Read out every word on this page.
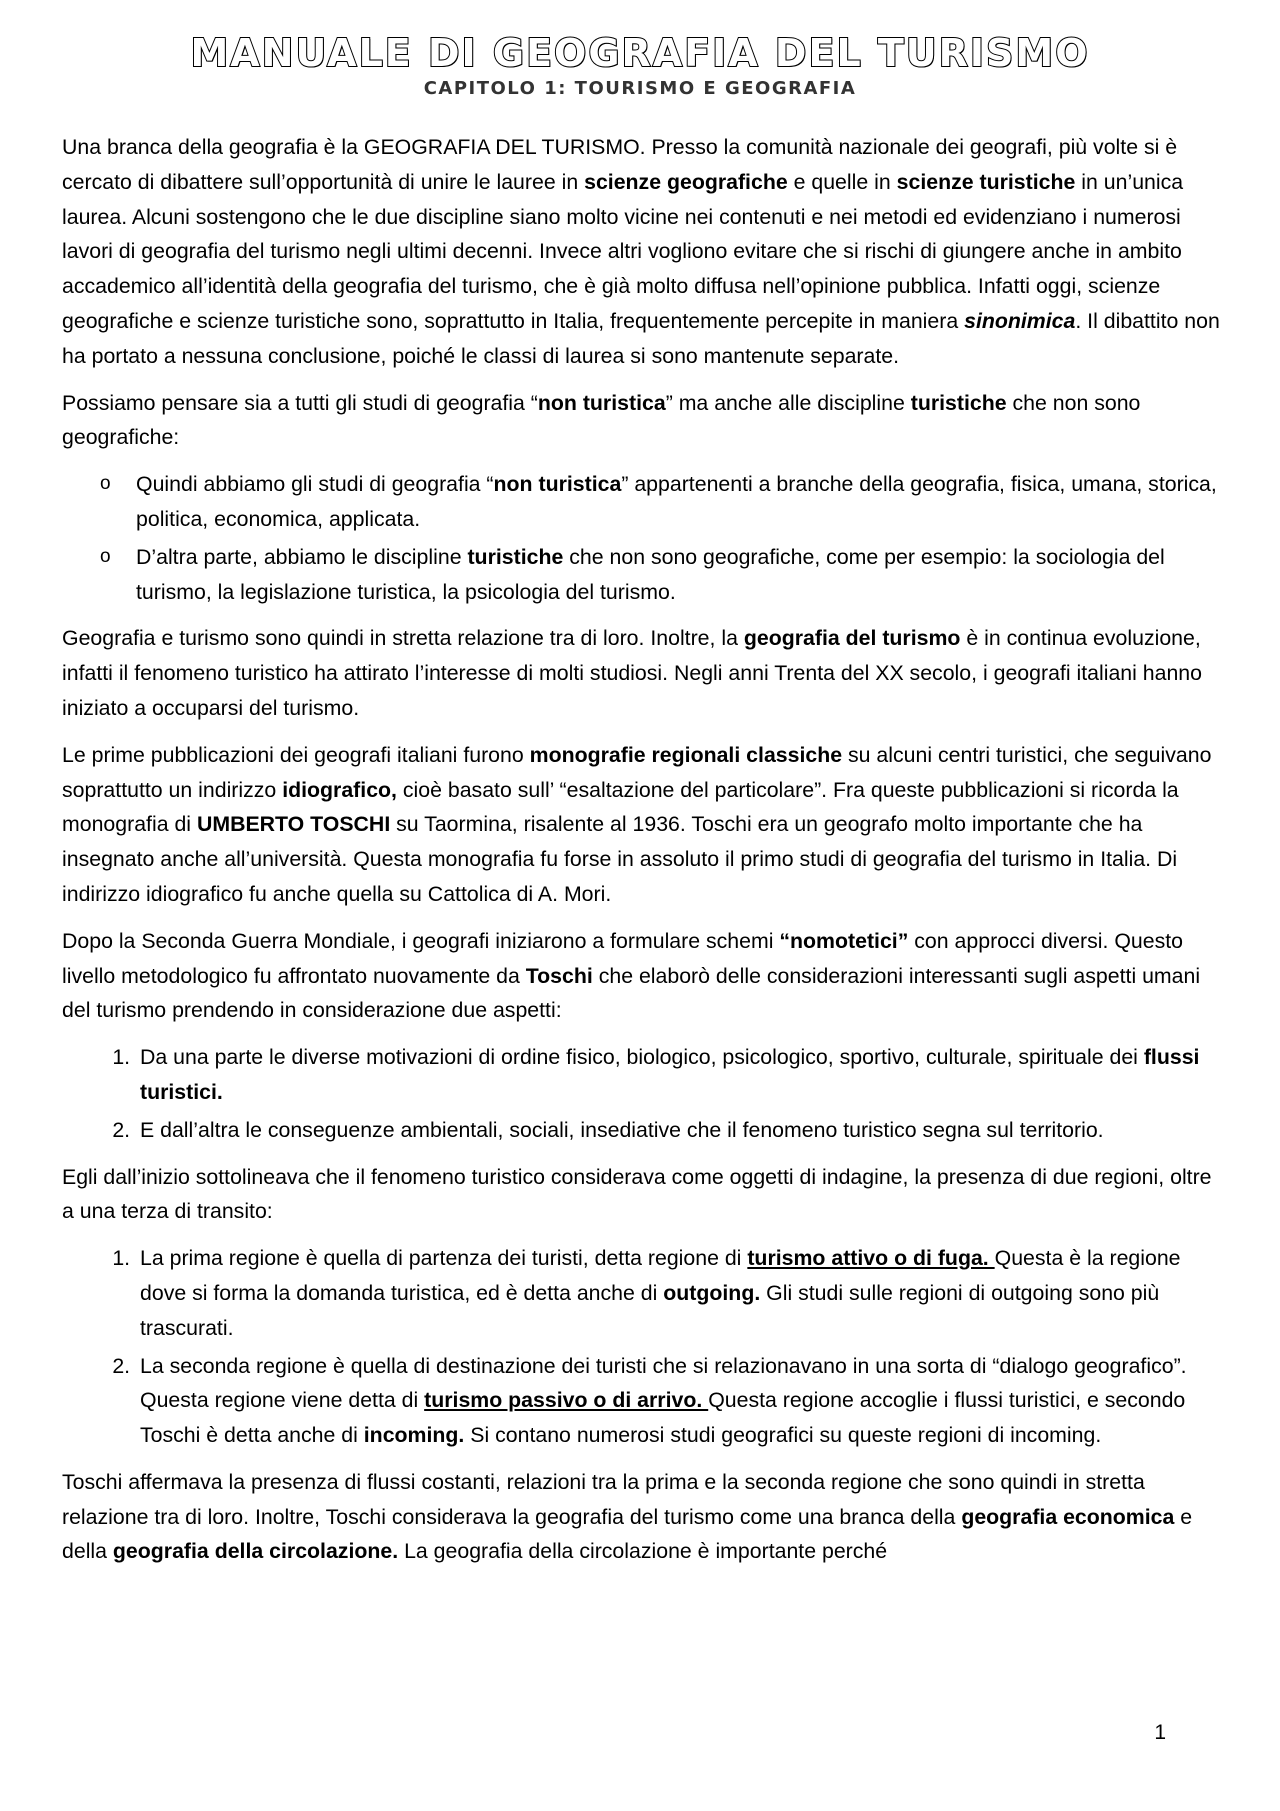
MANUALE DI GEOGRAFIA DEL TURISMO
CAPITOLO 1: TOURISMO E GEOGRAFIA

Una branca della geografia è la GEOGRAFIA DEL TURISMO. Presso la comunità nazionale dei geografi, più volte si è cercato di dibattere sull’opportunità di unire le lauree in scienze geografiche e quelle in scienze turistiche in un’unica laurea. Alcuni sostengono che le due discipline siano molto vicine nei contenuti e nei metodi ed evidenziano i numerosi lavori di geografia del turismo negli ultimi decenni. Invece altri vogliono evitare che si rischi di giungere anche in ambito accademico all’identità della geografia del turismo, che è già molto diffusa nell’opinione pubblica. Infatti oggi, scienze geografiche e scienze turistiche sono, soprattutto in Italia, frequentemente percepite in maniera sinonimica. Il dibattito non ha portato a nessuna conclusione, poiché le classi di laurea si sono mantenute separate.

Possiamo pensare sia a tutti gli studi di geografia “non turistica” ma anche alle discipline turistiche che non sono geografiche:

o Quindi abbiamo gli studi di geografia “non turistica” appartenenti a branche della geografia, fisica, umana, storica, politica, economica, applicata.
o D’altra parte, abbiamo le discipline turistiche che non sono geografiche, come per esempio: la sociologia del turismo, la legislazione turistica, la psicologia del turismo.

Geografia e turismo sono quindi in stretta relazione tra di loro. Inoltre, la geografia del turismo è in continua evoluzione, infatti il fenomeno turistico ha attirato l’interesse di molti studiosi. Negli anni Trenta del XX secolo, i geografi italiani hanno iniziato a occuparsi del turismo.

Le prime pubblicazioni dei geografi italiani furono monografie regionali classiche su alcuni centri turistici, che seguivano soprattutto un indirizzo idiografico, cioè basato sull’ “esaltazione del particolare”. Fra queste pubblicazioni si ricorda la monografia di UMBERTO TOSCHI su Taormina, risalente al 1936. Toschi era un geografo molto importante che ha insegnato anche all’università. Questa monografia fu forse in assoluto il primo studi di geografia del turismo in Italia. Di indirizzo idiografico fu anche quella su Cattolica di A. Mori.

Dopo la Seconda Guerra Mondiale, i geografi iniziarono a formulare schemi “nomotetici” con approcci diversi. Questo livello metodologico fu affrontato nuovamente da Toschi che elaborò delle considerazioni interessanti sugli aspetti umani del turismo prendendo in considerazione due aspetti:

1. Da una parte le diverse motivazioni di ordine fisico, biologico, psicologico, sportivo, culturale, spirituale dei flussi turistici.
2. E dall’altra le conseguenze ambientali, sociali, insediative che il fenomeno turistico segna sul territorio.

Egli dall’inizio sottolineava che il fenomeno turistico considerava come oggetti di indagine, la presenza di due regioni, oltre a una terza di transito:

1. La prima regione è quella di partenza dei turisti, detta regione di turismo attivo o di fuga. Questa è la regione dove si forma la domanda turistica, ed è detta anche di outgoing. Gli studi sulle regioni di outgoing sono più trascurati.
2. La seconda regione è quella di destinazione dei turisti che si relazionavano in una sorta di “dialogo geografico”. Questa regione viene detta di turismo passivo o di arrivo. Questa regione accoglie i flussi turistici, e secondo Toschi è detta anche di incoming. Si contano numerosi studi geografici su queste regioni di incoming.

Toschi affermava la presenza di flussi costanti, relazioni tra la prima e la seconda regione che sono quindi in stretta relazione tra di loro. Inoltre, Toschi considerava la geografia del turismo come una branca della geografia economica e della geografia della circolazione. La geografia della circolazione è importante perché

1
